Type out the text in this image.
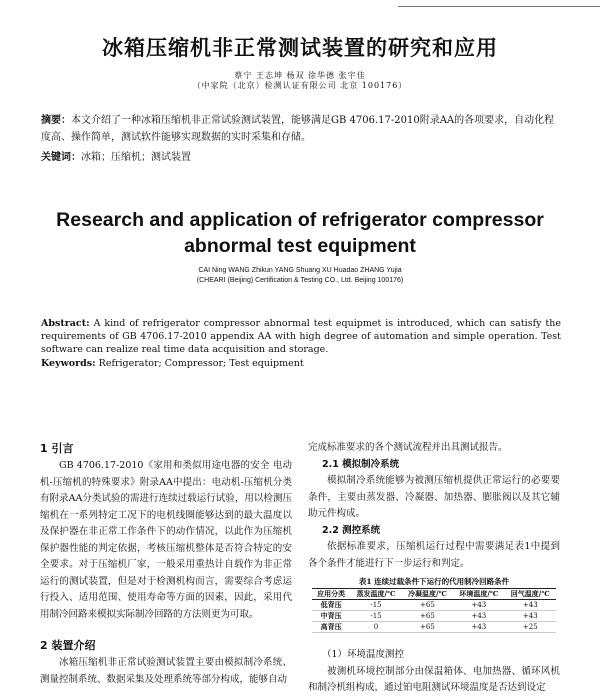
冰箱压缩机非正常测试装置的研究和应用
蔡宁 王志坤 杨双 徐华德 张宇佳
（中家院（北京）检测认证有限公司 北京 100176）
摘要：本文介绍了一种冰箱压缩机非正常试验测试装置，能够满足GB 4706.17-2010附录AA的各项要求，自动化程度高、操作简单，测试软件能够实现数据的实时采集和存储。
关键词：冰箱；压缩机；测试装置
Research and application of refrigerator compressor abnormal test equipment
CAI Ning WANG Zhikun YANG Shuang XU Huadao ZHANG Yujia
(CHEARI (Beijing) Certification & Testing CO., Ltd. Beijing 100176)
Abstract: A kind of refrigerator compressor abnormal test equipmet is introduced, which can satisfy the requirements of GB 4706.17-2010 appendix AA with high degree of automation and simple operation. Test software can realize real time data acquisition and storage.
Keywords: Refrigerator; Compressor; Test equipment
1 引言

GB 4706.17-2010《家用和类似用途电器的安全 电动机-压缩机的特殊要求》附录AA中提出：电动机-压缩机分类有附录AA分类试验的需进行连续过载运行试验，用以检测压缩机在一系列特定工况下的电机线圈能够达到的最大温度以及保护器在非正常工作条件下的动作情况，以此作为压缩机保护器性能的判定依据，考核压缩机整体是否符合特定的安全要求。对于压缩机厂家，一般采用重热计自载作为非正常运行的测试装置，但是对于检测机构而言，需要综合考虑运行投入、适用范围、使用寿命等方面的因素，因此，采用代用制冷回路来模拟实际制冷回路的方法则更为可取。

2 装置介绍

冰箱压缩机非正常试验测试装置主要由模拟制冷系统、测量控制系统、数据采集及处理系统等部分构成，能够自动

完成标准要求的各个测试流程并出具测试报告。

2.1 模拟制冷系统

模拟制冷系统能够为被测压缩机提供正常运行的必要要条件，主要由蒸发器、冷凝器、加热器、膨胀阀以及其它辅助元件构成。

2.2 测控系统

依据标准要求，压缩机运行过程中需要满足表1中提到各个条件才能进行下一步运行和判定。

表1 连续过载条件下运行的代用制冷回路条件
应用分类	蒸发温度/℃	冷凝温度/℃	环境温度/℃	回气温度/℃
低背压	-15	+65	+43	+43
中背压	-15	+65	+43	+43
高背压	0	+65	+43	+25

（1）环境温度测控

被测机环境控制部分由保温箱体、电加热器、循环风机和制冷机组构成，通过铂电阻测试环境温度是否达到设定
